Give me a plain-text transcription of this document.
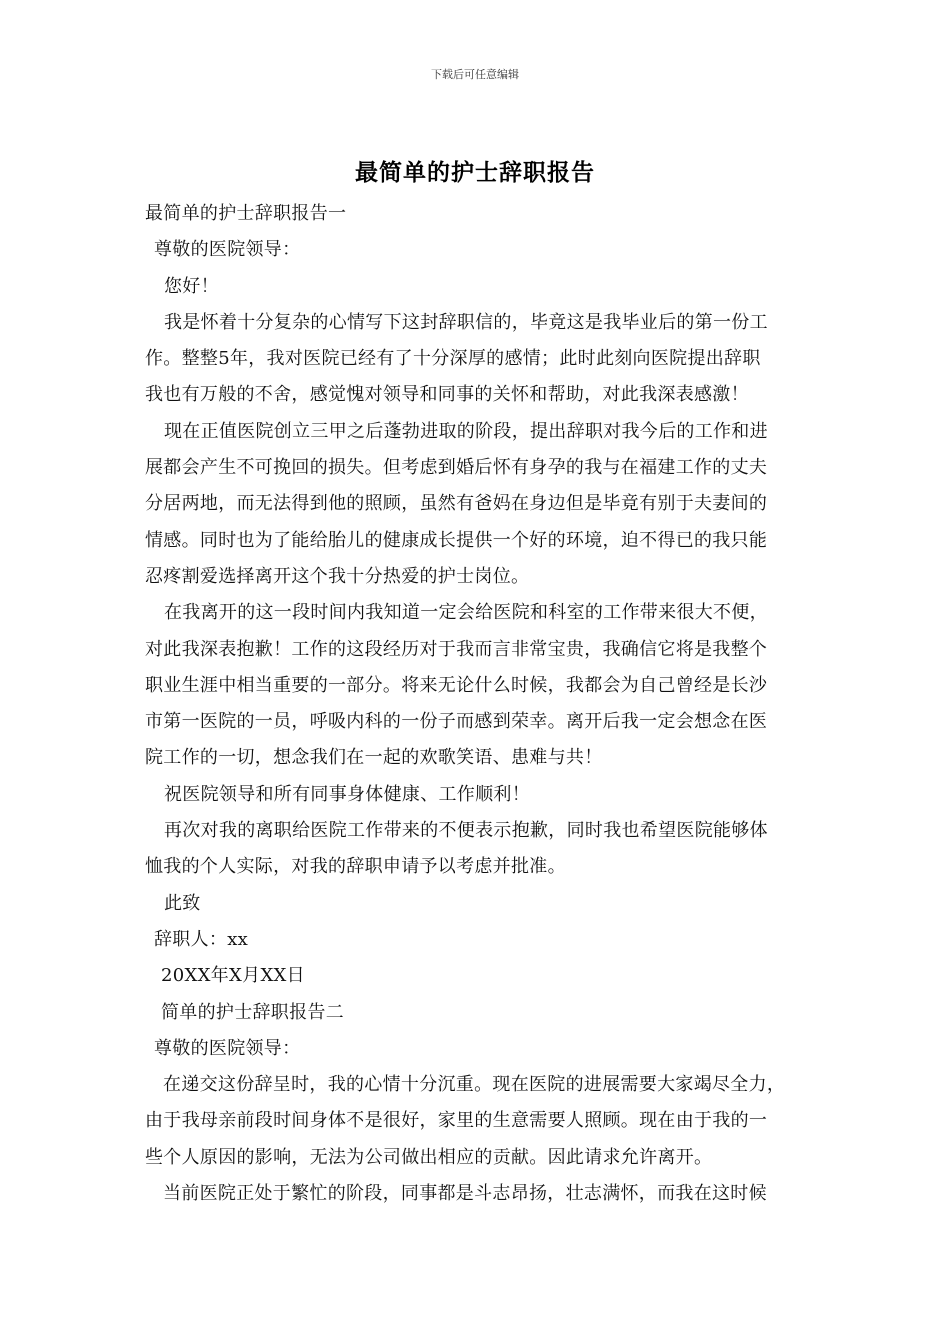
下载后可任意编辑
最简单的护士辞职报告
最简单的护士辞职报告一
尊敬的医院领导：
您好！
我是怀着十分复杂的心情写下这封辞职信的，毕竟这是我毕业后的第一份工
作。整整5年，我对医院已经有了十分深厚的感情；此时此刻向医院提出辞职
我也有万般的不舍，感觉愧对领导和同事的关怀和帮助，对此我深表感激！
现在正值医院创立三甲之后蓬勃进取的阶段，提出辞职对我今后的工作和进
展都会产生不可挽回的损失。但考虑到婚后怀有身孕的我与在福建工作的丈夫
分居两地，而无法得到他的照顾，虽然有爸妈在身边但是毕竟有别于夫妻间的
情感。同时也为了能给胎儿的健康成长提供一个好的环境，迫不得已的我只能
忍疼割爱选择离开这个我十分热爱的护士岗位。
在我离开的这一段时间内我知道一定会给医院和科室的工作带来很大不便，
对此我深表抱歉！工作的这段经历对于我而言非常宝贵，我确信它将是我整个
职业生涯中相当重要的一部分。将来无论什么时候，我都会为自己曾经是长沙
市第一医院的一员，呼吸内科的一份子而感到荣幸。离开后我一定会想念在医
院工作的一切，想念我们在一起的欢歌笑语、患难与共！
祝医院领导和所有同事身体健康、工作顺利！
再次对我的离职给医院工作带来的不便表示抱歉，同时我也希望医院能够体
恤我的个人实际，对我的辞职申请予以考虑并批准。
此致
辞职人：xx
20XX年X月XX日
简单的护士辞职报告二
尊敬的医院领导：
在递交这份辞呈时，我的心情十分沉重。现在医院的进展需要大家竭尽全力，
由于我母亲前段时间身体不是很好，家里的生意需要人照顾。现在由于我的一
些个人原因的影响，无法为公司做出相应的贡献。因此请求允许离开。
当前医院正处于繁忙的阶段，同事都是斗志昂扬，壮志满怀，而我在这时候
